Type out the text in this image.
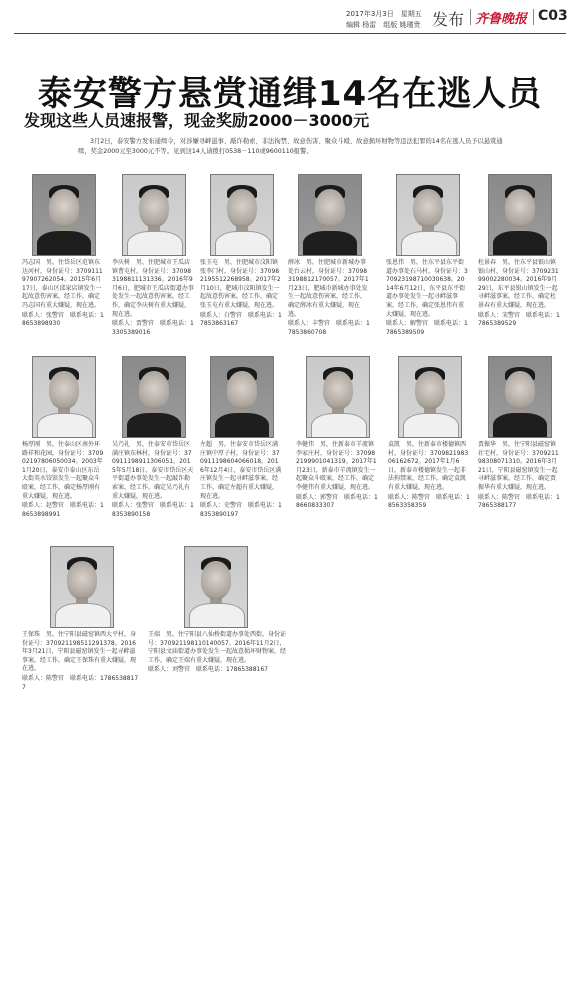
2017年3月3日　星期五
编辑 杨雷　组版 姚瑾贵 发布 齐鲁晚报 C03
泰安警方悬赏通缉14名在逃人员
发现这些人员速报警，现金奖励2000－3000元
3月2日，泰安警方发布通缉令，对涉嫌寻衅滋事、敲诈勒索、非法拘禁、故意伤害、聚众斗殴、故意损坏财物等违法犯罪的14名在逃人员予以悬赏通缉，奖金2000元至3000元不等。见到这14人请拨打0538－110或9600110报警。
冯志国　男，住岱岳区范镇东达河村，身份证号：370911197907262054。2015年6月17日，泰山区邱家店镇发生一起故意伤害案，经工作，确定冯志国有重大嫌疑，现在逃。
联系人：张警官　联系电话：18653898930
李庆树　男，住肥城市王瓜店镇曹屯村，身份证号：370983198811131336。2016年9月6日，肥城市王瓜店街道办事处发生一起故意伤害案，经工作，确定李庆树有重大嫌疑，现在逃。
联系人：贾警官　联系电话：13305389016
张玉屯　男，住肥城市汶阳镇张李门村，身份证号：370982195512268958。2017年2月10日，肥城市汶阳镇发生一起故意伤害案，经工作，确定张玉屯有重大嫌疑，现在逃。
联系人：白警官　联系电话：17853863167
薛冰　男，住肥城市新城办事处台云村，身份证号：370983198812170057。2017年1月23日，肥城市新城办事处发生一起故意伤害案，经工作，确定薛冰有重大嫌疑，现在逃。
联系人：丰警官　联系电话：17853860708
张恩伟　男，住东平县东平街道办事处石马村，身份证号：370923198710030638。2014年6月12日，东平县东平街道办事处发生一起寻衅滋事案，经工作，确定张恩伟有重大嫌疑，现在逃。
联系人：解警官　联系电话：17865389509
杜景春　男，住东平县银山镇银山村，身份证号：370923199002280034。2016年9月29日，东平县银山镇发生一起寻衅滋事案，经工作，确定杜景春有重大嫌疑，现在逃。
联系人：宋警官　联系电话：17865389529
杨厚刚　男，住泰山区南外环路祥和花园，身份证号：370902197806050034。2003年1月20日，泰安市泰山区东岳大街英水饺馆发生一起聚众斗殴案，经工作，确定杨厚刚有重大嫌疑，现在逃。
联系人：赵警官　联系电话：18653898991
吴乃礼　男，住泰安市岱岳区满庄镇东林村，身份证号：370911198911306051。2015年5月18日，泰安市岱岳区天平街道办事处发生一起敲诈勒索案，经工作，确定吴乃礼有重大嫌疑，现在逃。
联系人：张警官　联系电话：18353890158
左超　男，住泰安市岱岳区满庄镇中厚子村，身份证号：370911198604066018。2016年12月4日，泰安市岱岳区满庄镇发生一起寻衅滋事案，经工作，确定左超有重大嫌疑，现在逃。
联系人：史警官　联系电话：18353890197
李健伟　男，住新泰市羊流镇李家庄村，身份证号：370982199901041319。2017年1月23日，新泰市羊流镇发生一起聚众斗殴案，经工作，确定李健伟有重大嫌疑，现在逃。
联系人：郭警官　联系电话：18660833307
袁凯　男，住新泰市楼德镇西村，身份证号：370982198306162672。2017年1月6日，新泰市楼德镇发生一起非法拘禁案，经工作，确定袁凯有重大嫌疑，现在逃。
联系人：陈警官　联系电话：18563358359
贾振华　男，住宁阳县磁窑镇社宅村，身份证号：370921198308071310。2016年3月21日，宁阳县磁窑镇发生一起寻衅滋事案，经工作，确定贾振华有重大嫌疑，现在逃。
联系人：陈警官　联系电话：17865388177
王保珠　男，住宁阳县磁窑镇西大平村，身份证号：370921198511291378。2016年3月21日，宁阳县磁窑镇发生一起寻衅滋事案，经工作，确定王保珠有重大嫌疑，现在逃。
联系人：陈警官　联系电话：17865388177
王端　男，住宁阳县八仙桥街道办事处西街，身份证号：370921198110140057。2016年11月2日，宁阳县文庙街道办事处发生一起故意损坏财物案，经工作，确定王端有重大嫌疑，现在逃。
联系人：刘警官　联系电话：17865388167
